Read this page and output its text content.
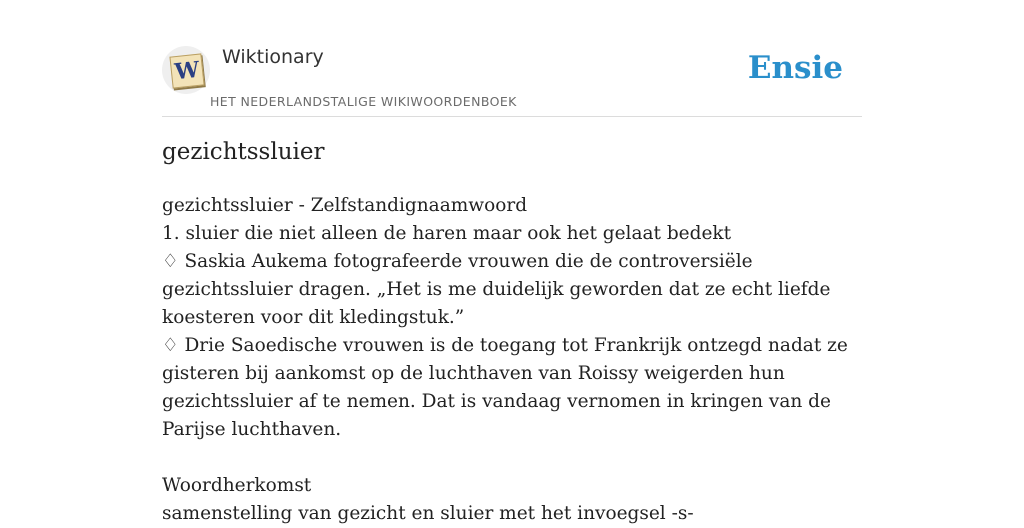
W Wiktionary
HET NEDERLANDSTALIGE WIKIWOORDENBOEK
Ensie
gezichtssluier

gezichtssluier - Zelfstandignaamwoord

1. sluier die niet alleen de haren maar ook het gelaat bedekt

♢ Saskia Aukema fotografeerde vrouwen die de controversiële gezichtssluier dragen. „Het is me duidelijk geworden dat ze echt liefde koesteren voor dit kledingstuk.”

♢ Drie Saoedische vrouwen is de toegang tot Frankrijk ontzegd nadat ze gisteren bij aankomst op de luchthaven van Roissy weigerden hun gezichtssluier af te nemen. Dat is vandaag vernomen in kringen van de Parijse luchthaven.

Woordherkomst

samenstelling van gezicht en sluier met het invoegsel -s-
